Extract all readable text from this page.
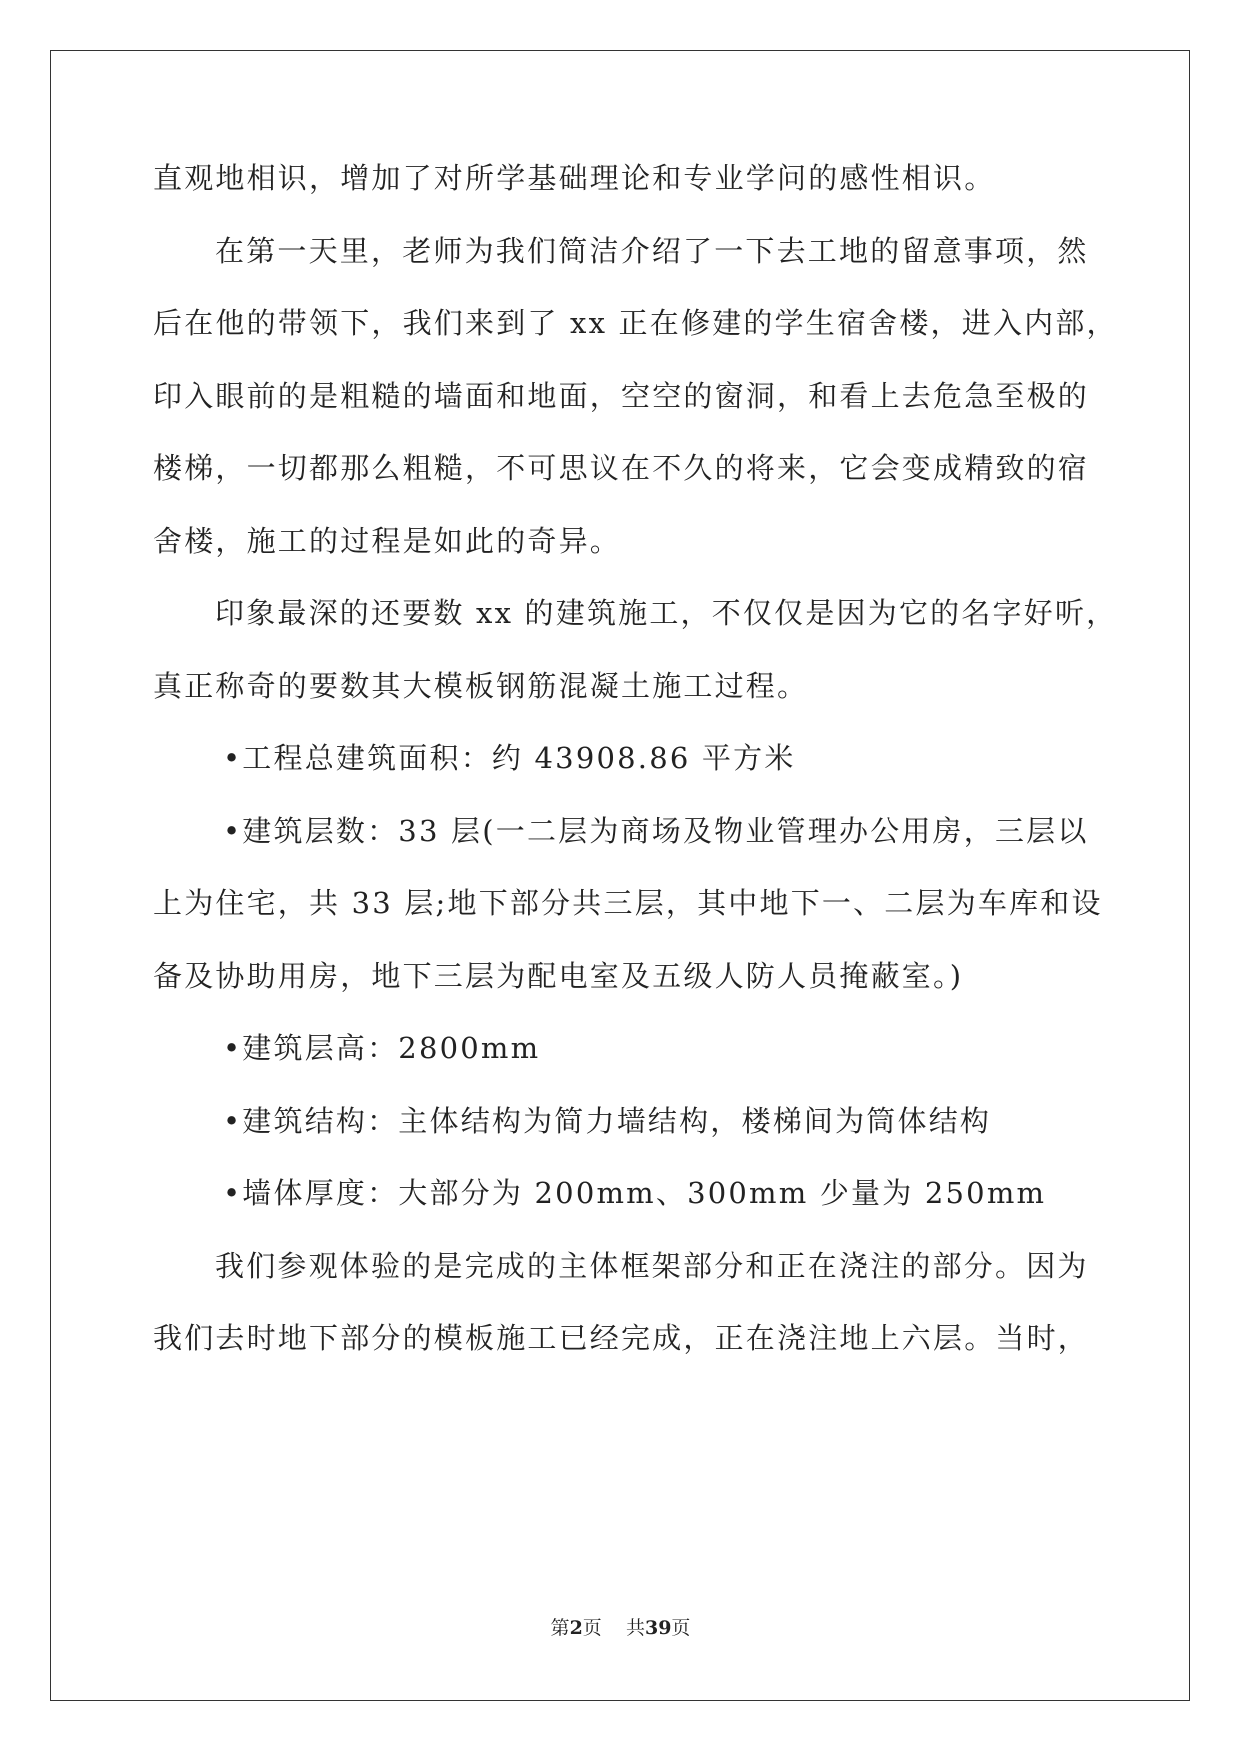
直观地相识，增加了对所学基础理论和专业学问的感性相识。
在第一天里，老师为我们简洁介绍了一下去工地的留意事项，然
后在他的带领下，我们来到了 xx 正在修建的学生宿舍楼，进入内部，
印入眼前的是粗糙的墙面和地面，空空的窗洞，和看上去危急至极的
楼梯，一切都那么粗糙，不可思议在不久的将来，它会变成精致的宿
舍楼，施工的过程是如此的奇异。
印象最深的还要数 xx 的建筑施工，不仅仅是因为它的名字好听，
真正称奇的要数其大模板钢筋混凝土施工过程。
•工程总建筑面积：约 43908.86 平方米
•建筑层数：33 层(一二层为商场及物业管理办公用房，三层以
上为住宅，共 33 层;地下部分共三层，其中地下一、二层为车库和设
备及协助用房，地下三层为配电室及五级人防人员掩蔽室。)
•建筑层高：2800mm
•建筑结构：主体结构为简力墙结构，楼梯间为筒体结构
•墙体厚度：大部分为 200mm、300mm 少量为 250mm
我们参观体验的是完成的主体框架部分和正在浇注的部分。因为
我们去时地下部分的模板施工已经完成，正在浇注地上六层。当时，
第2页    共39页
